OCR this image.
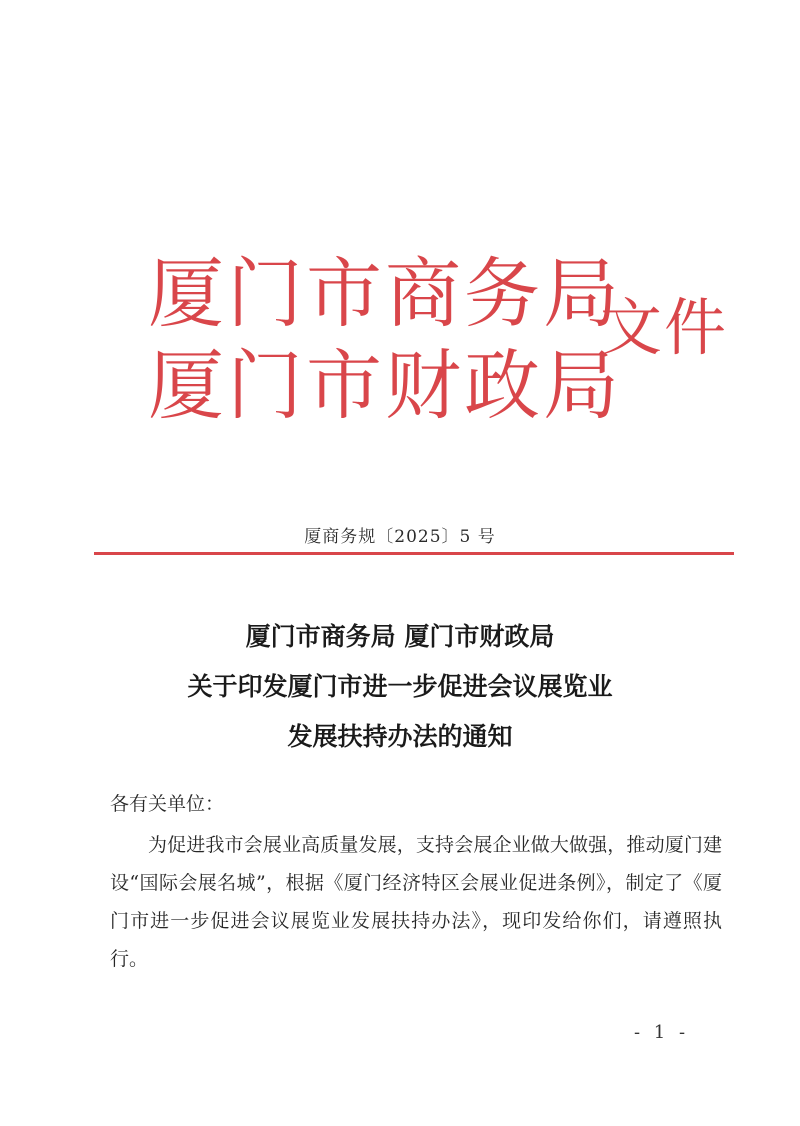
厦门市商务局
厦门市财政局
文件
厦商务规〔2025〕5 号
厦门市商务局 厦门市财政局
关于印发厦门市进一步促进会议展览业
发展扶持办法的通知
各有关单位：
为促进我市会展业高质量发展，支持会展企业做大做强，推动厦门建设“国际会展名城”，根据《厦门经济特区会展业促进条例》，制定了《厦门市进一步促进会议展览业发展扶持办法》，现印发给你们，请遵照执行。
- 1 -
